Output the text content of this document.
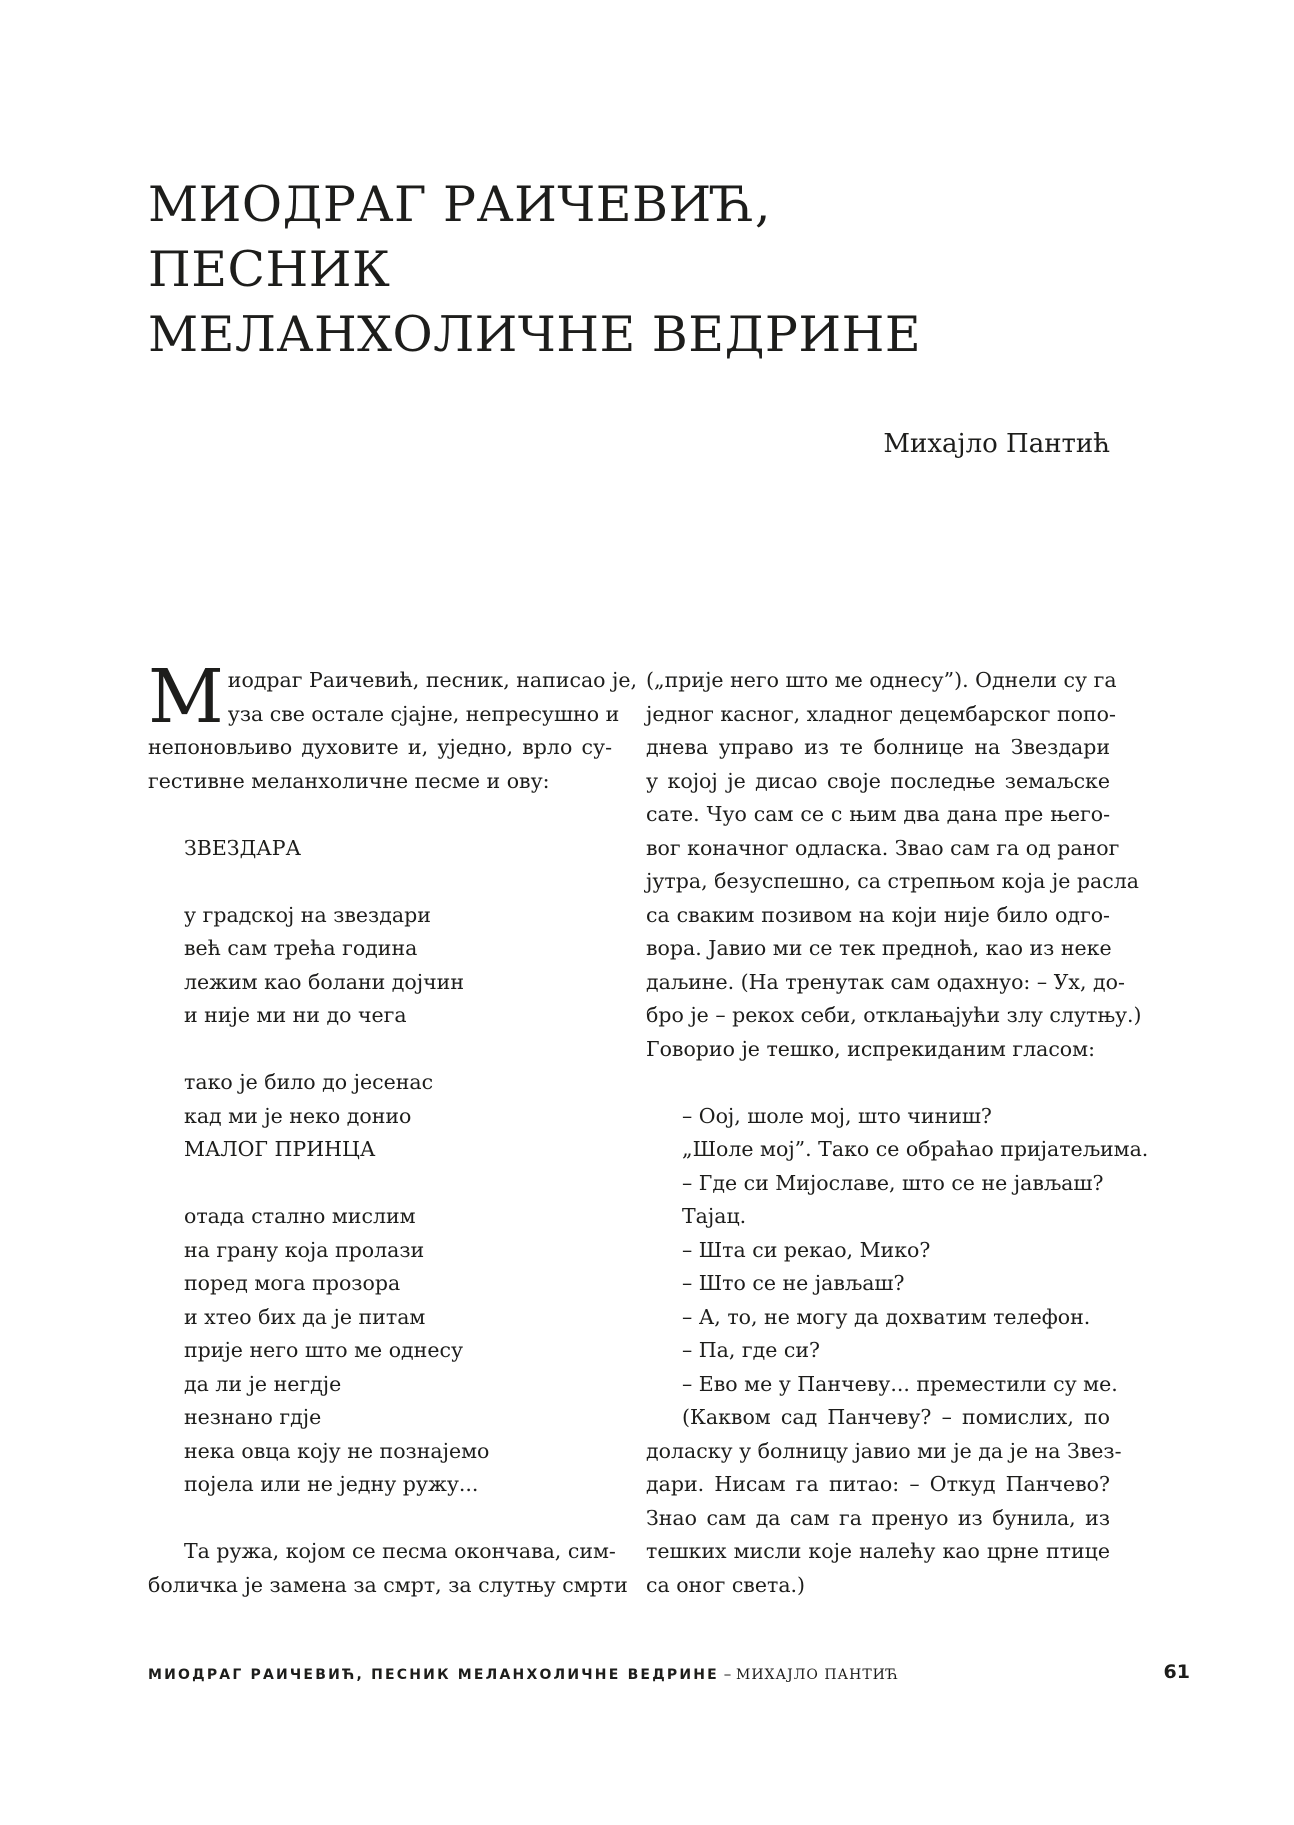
МИОДРАГ РАИЧЕВИЋ,
ПЕСНИК
МЕЛАНХОЛИЧНЕ ВЕДРИНЕ
Михајло Пантић
М иодраг Раичевић, песник, написао је,
уза све остале сјајне, непресушно и
непоновљиво духовите и, уједно, врло су-
гестивне меланхоличне песме и ову:
ЗВЕЗДАРА
у градској на звездари
већ сам трећа година
лежим као болани дојчин
и није ми ни до чега
тако је било до јесенас
кад ми је неко донио
МАЛОГ ПРИНЦА
отада стално мислим
на грану која пролази
поред мога прозора
и хтео бих да је питам
прије него што ме однесу
да ли је негдје
незнано гдје
нека овца коју не познајемо
појела или не једну ружу...
Та ружа, којом се песма окончава, сим-
боличка је замена за смрт, за слутњу смрти
(„прије него што ме однесу”). Однели су га
једног касног, хладног децембарског попо-
днева управо из те болнице на Звездари
у којој је дисао своје последње земаљске
сате. Чуо сам се с њим два дана пре њего-
вог коначног одласка. Звао сам га од раног
јутра, безуспешно, са стрепњом која је расла
са сваким позивом на који није било одго-
вора. Јавио ми се тек предноћ, као из неке
даљине. (На тренутак сам одахнуо: – Ух, до-
бро је – рекох себи, отклањајући злу слутњу.)
Говорио је тешко, испрекиданим гласом:
– Оој, шоле мој, што чиниш?
„Шоле мој”. Тако се обраћао пријатељима.
– Где си Мијославе, што се не јављаш?
Тајац.
– Шта си рекао, Мико?
– Што се не јављаш?
– А, то, не могу да дохватим телефон.
– Па, где си?
– Ево ме у Панчеву... преместили су ме.
(Каквом сад Панчеву? – помислих, по
доласку у болницу јавио ми је да је на Звез-
дари. Нисам га питао: – Откуд Панчево?
Знао сам да сам га пренуо из бунила, из
тешких мисли које налећу као црне птице
са оног света.)
МИОДРАГ РАИЧЕВИЋ, ПЕСНИК МЕЛАНХОЛИЧНЕ ВЕДРИНЕ – МИХАЈЛО ПАНТИЋ	61
